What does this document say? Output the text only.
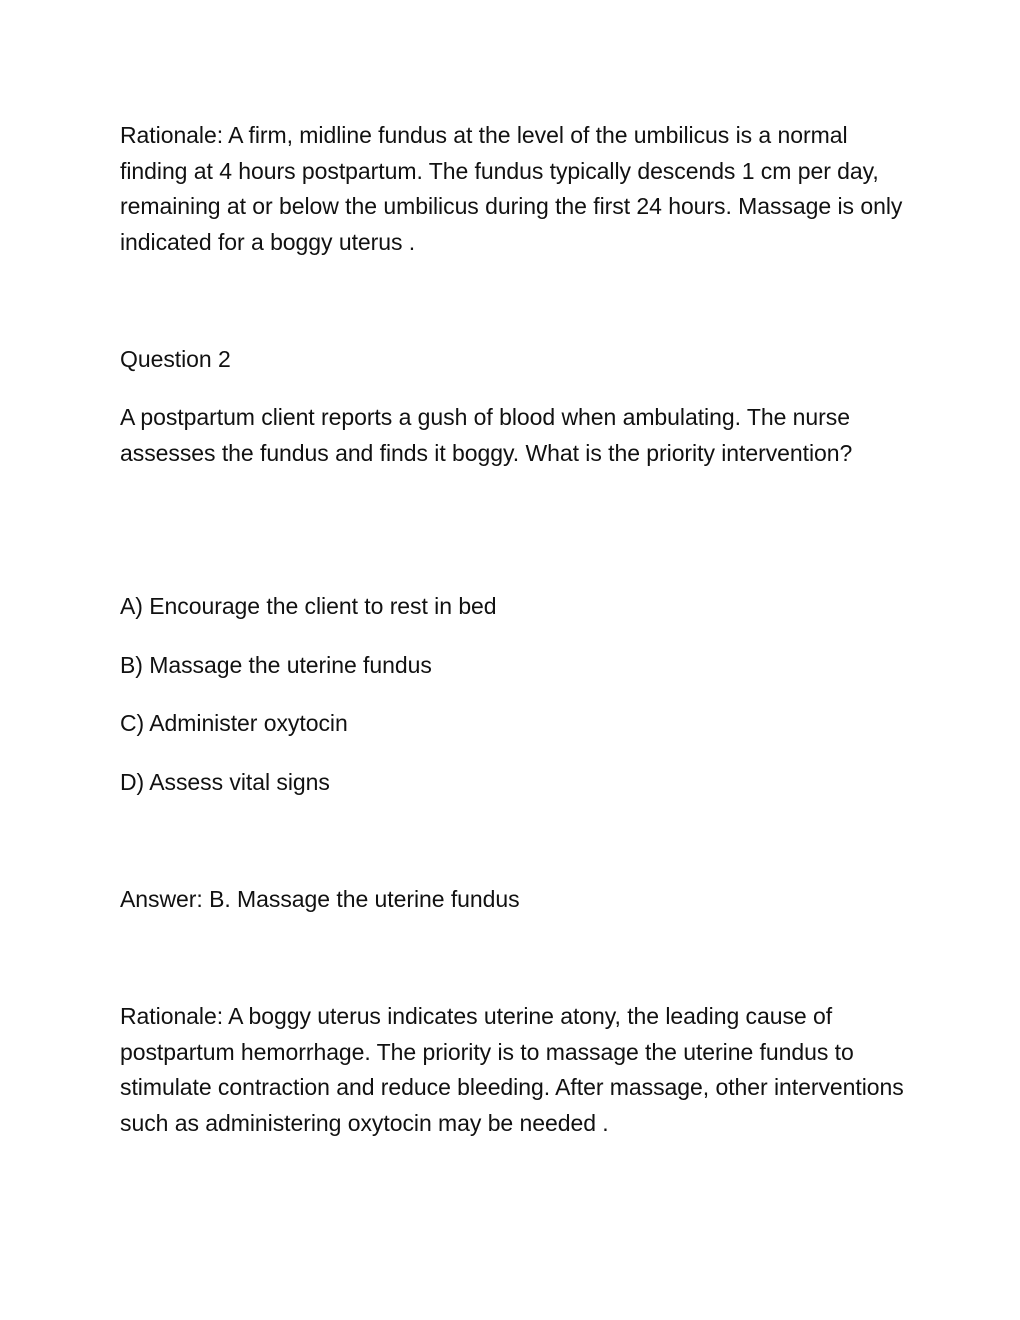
Rationale: A firm, midline fundus at the level of the umbilicus is a normal finding at 4 hours postpartum. The fundus typically descends 1 cm per day, remaining at or below the umbilicus during the first 24 hours. Massage is only indicated for a boggy uterus .

Question 2

A postpartum client reports a gush of blood when ambulating. The nurse assesses the fundus and finds it boggy. What is the priority intervention?

A) Encourage the client to rest in bed

B) Massage the uterine fundus

C) Administer oxytocin

D) Assess vital signs

Answer: B. Massage the uterine fundus

Rationale: A boggy uterus indicates uterine atony, the leading cause of postpartum hemorrhage. The priority is to massage the uterine fundus to stimulate contraction and reduce bleeding. After massage, other interventions such as administering oxytocin may be needed .
